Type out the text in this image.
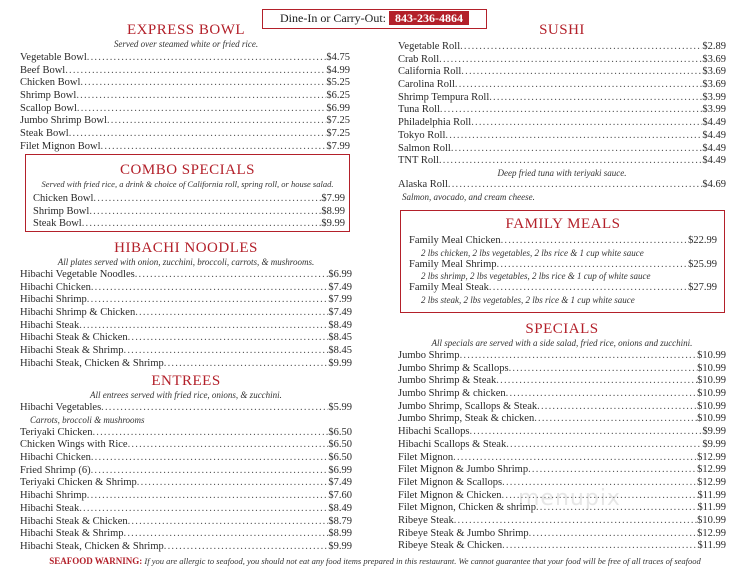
Dine-In or Carry-Out: 843-236-4864
EXPRESS BOWL
Served over steamed white or fried rice.
Vegetable Bowl .....	$4.75
Beef Bowl .....	$4.99
Chicken Bowl .....	$5.25
Shrimp Bowl .....	$6.25
Scallop Bowl .....	$6.99
Jumbo Shrimp Bowl .....	$7.25
Steak Bowl .....	$7.25
Filet Mignon Bowl .....	$7.99
COMBO SPECIALS
Served with fried rice, a drink & choice of California roll, spring roll, or house salad.
Chicken Bowl .....	$7.99
Shrimp Bowl .....	$8.99
Steak Bowl .....	$9.99
HIBACHI NOODLES
All plates served with onion, zucchini, broccoli, carrots, & mushrooms.
Hibachi Vegetable Noodles .....	$6.99
Hibachi Chicken .....	$7.49
Hibachi Shrimp .....	$7.99
Hibachi Shrimp & Chicken .....	$7.49
Hibachi Steak .....	$8.49
Hibachi Steak & Chicken .....	$8.45
Hibachi Steak & Shrimp .....	$8.45
Hibachi Steak, Chicken & Shrimp .....	$9.99
ENTREES
All entrees served with fried rice, onions, & zucchini.
Hibachi Vegetables .....	$5.99
Carrots, broccoli & mushrooms
Teriyaki Chicken .....	$6.50
Chicken Wings with Rice .....	$6.50
Hibachi Chicken .....	$6.50
Fried Shrimp (6) .....	$6.99
Teriyaki Chicken & Shrimp .....	$7.49
Hibachi Shrimp .....	$7.60
Hibachi Steak .....	$8.49
Hibachi Steak & Chicken .....	$8.79
Hibachi Steak & Shrimp .....	$8.99
Hibachi Steak, Chicken & Shrimp .....	$9.99
SUSHI
Vegetable Roll .....	$2.89
Crab Roll .....	$3.69
California Roll .....	$3.69
Carolina Roll .....	$3.69
Shrimp Tempura Roll .....	$3.99
Tuna Roll .....	$3.99
Philadelphia Roll .....	$4.49
Tokyo Roll .....	$4.49
Salmon Roll .....	$4.49
TNT Roll .....	$4.49
Deep fried tuna with teriyaki sauce.
Alaska Roll .....	$4.69
Salmon, avocado, and cream cheese.
FAMILY MEALS
Family Meal Chicken .....	$22.99
2 lbs chicken, 2 lbs vegetables, 2 lbs rice & 1 cup white sauce
Family Meal Shrimp .....	$25.99
2 lbs shrimp, 2 lbs vegetables, 2 lbs rice & 1 cup of white sauce
Family Meal Steak .....	$27.99
2 lbs steak, 2 lbs vegetables, 2 lbs rice & 1 cup white sauce
SPECIALS
All specials are served with a side salad, fried rice, onions and zucchini.
Jumbo Shrimp .....	$10.99
Jumbo Shrimp & Scallops .....	$10.99
Jumbo Shrimp & Steak .....	$10.99
Jumbo Shrimp & chicken .....	$10.99
Jumbo Shrimp, Scallops & Steak .....	$10.99
Jumbo Shrimp, Steak & chicken .....	$10.99
Hibachi Scallops .....	$9.99
Hibachi Scallops & Steak .....	$9.99
Filet Mignon .....	$12.99
Filet Mignon & Jumbo Shrimp .....	$12.99
Filet Mignon & Scallops .....	$12.99
Filet Mignon & Chicken .....	$11.99
Filet Mignon, Chicken & shrimp .....	$11.99
Ribeye Steak .....	$10.99
Ribeye Steak & Jumbo Shrimp .....	$12.99
Ribeye Steak & Chicken .....	$11.99
menupix
SEAFOOD WARNING: If you are allergic to seafood, you should not eat any food items prepared in this restaurant. We cannot guarantee that your food will be free of all traces of seafood
